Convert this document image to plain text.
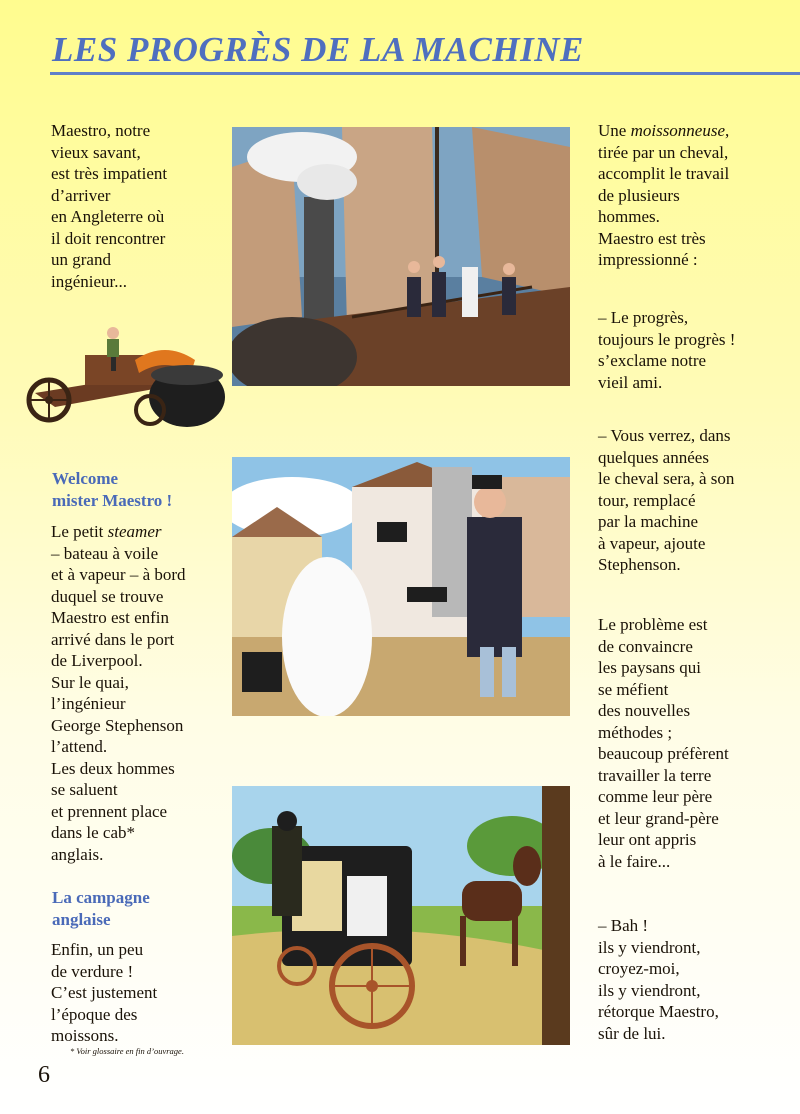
LES PROGRÈS DE LA MACHINE

Maestro, notre

vieux savant,

est très impatient

d’arriver

en Angleterre où

il doit rencontrer

un grand

ingénieur...

Welcome
mister Maestro !

Le petit steamer

– bateau à voile

et à vapeur – à bord

duquel se trouve

Maestro est enfin

arrivé dans le port

de Liverpool.

Sur le quai,

l’ingénieur

George Stephenson

l’attend.

Les deux hommes

se saluent

et prennent place

dans le cab*

anglais.

La campagne
anglaise

Enfin, un peu

de verdure !

C’est justement

l’époque des

moissons.

* Voir glossaire en fin d’ouvrage.
6

Une moissonneuse,

tirée par un cheval,

accomplit le travail

de plusieurs

hommes.

Maestro est très

impressionné :

– Le progrès,

toujours le progrès !

s’exclame notre

vieil ami.

– Vous verrez, dans

quelques années

le cheval sera, à son

tour, remplacé

par la machine

à vapeur, ajoute

Stephenson.

Le problème est

de convaincre

les paysans qui

se méfient

des nouvelles

méthodes ;

beaucoup préfèrent

travailler la terre

comme leur père

et leur grand-père

leur ont appris

à le faire...

– Bah !

ils y viendront,

croyez-moi,

ils y viendront,

rétorque Maestro,

sûr de lui.
